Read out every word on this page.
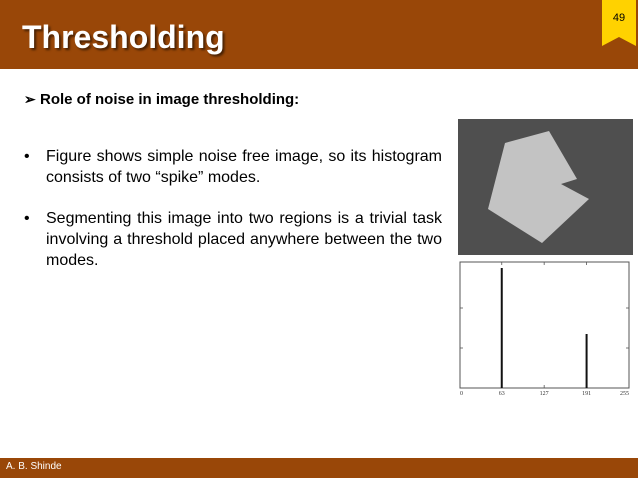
Thresholding
49
➢ Role of noise in image thresholding:
• Figure shows simple noise free image, so its histogram consists of two “spike” modes.
• Segmenting this image into two regions is a trivial task involving a threshold placed anywhere between the two modes.
0	63	127	191	255
A. B. Shinde
